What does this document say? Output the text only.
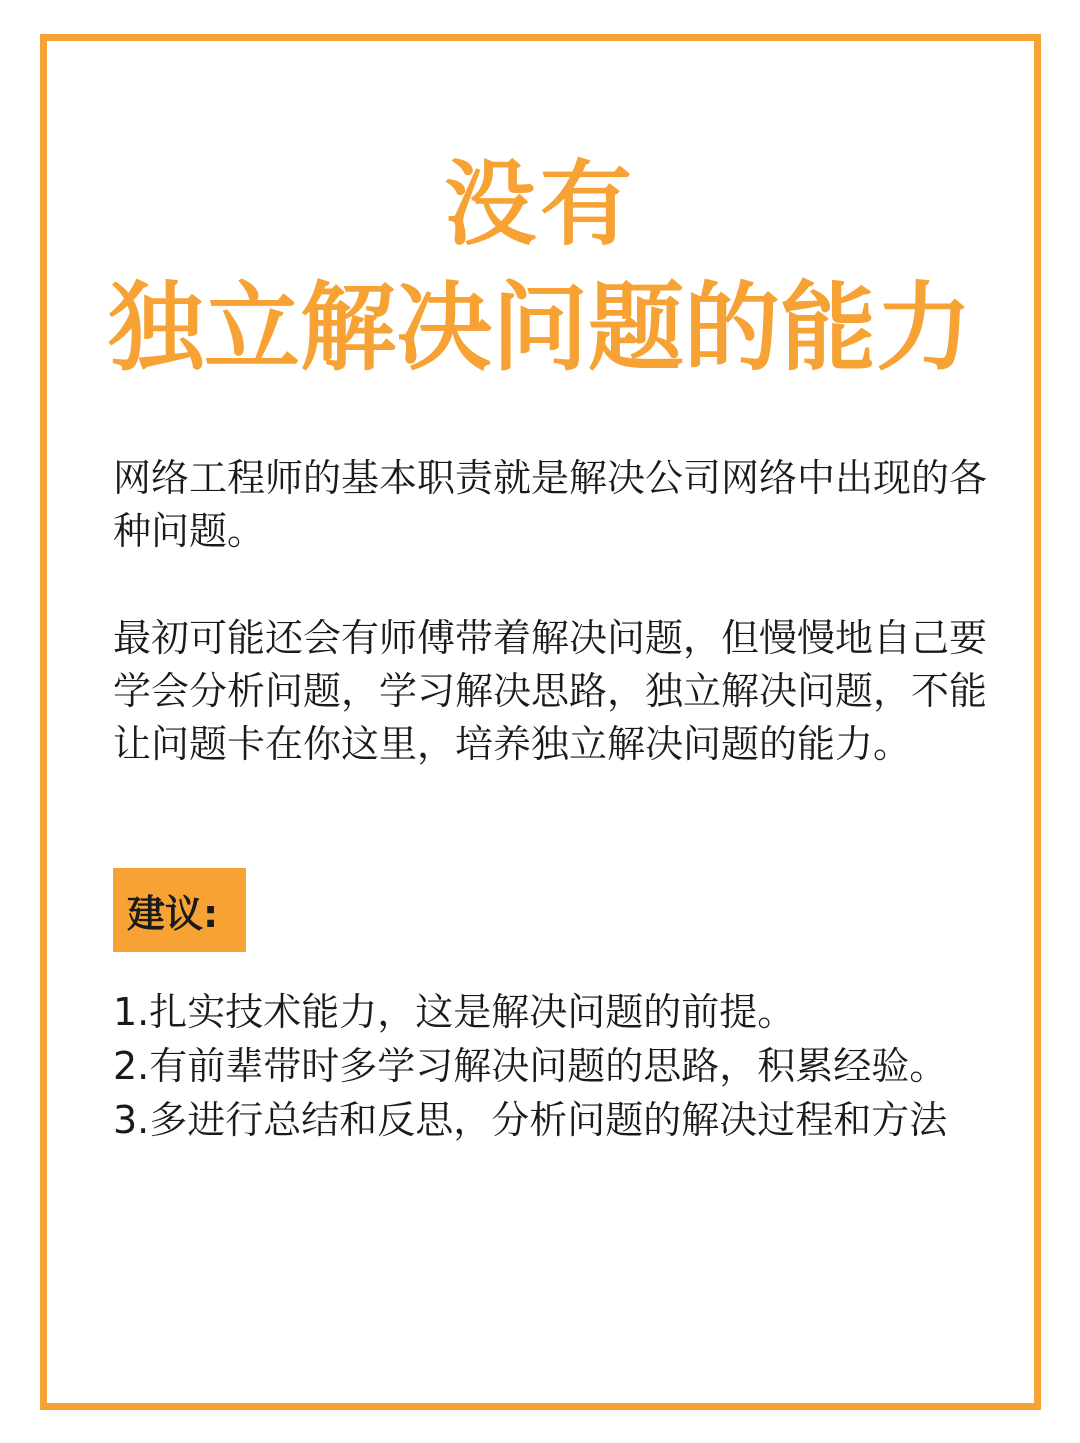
没有
独立解决问题的能力

网络工程师的基本职责就是解决公司网络中出现的各种问题。

最初可能还会有师傅带着解决问题，但慢慢地自己要学会分析问题，学习解决思路，独立解决问题，不能让问题卡在你这里，培养独立解决问题的能力。

建议:
1.扎实技术能力，这是解决问题的前提。
2.有前辈带时多学习解决问题的思路，积累经验。
3.多进行总结和反思，分析问题的解决过程和方法
